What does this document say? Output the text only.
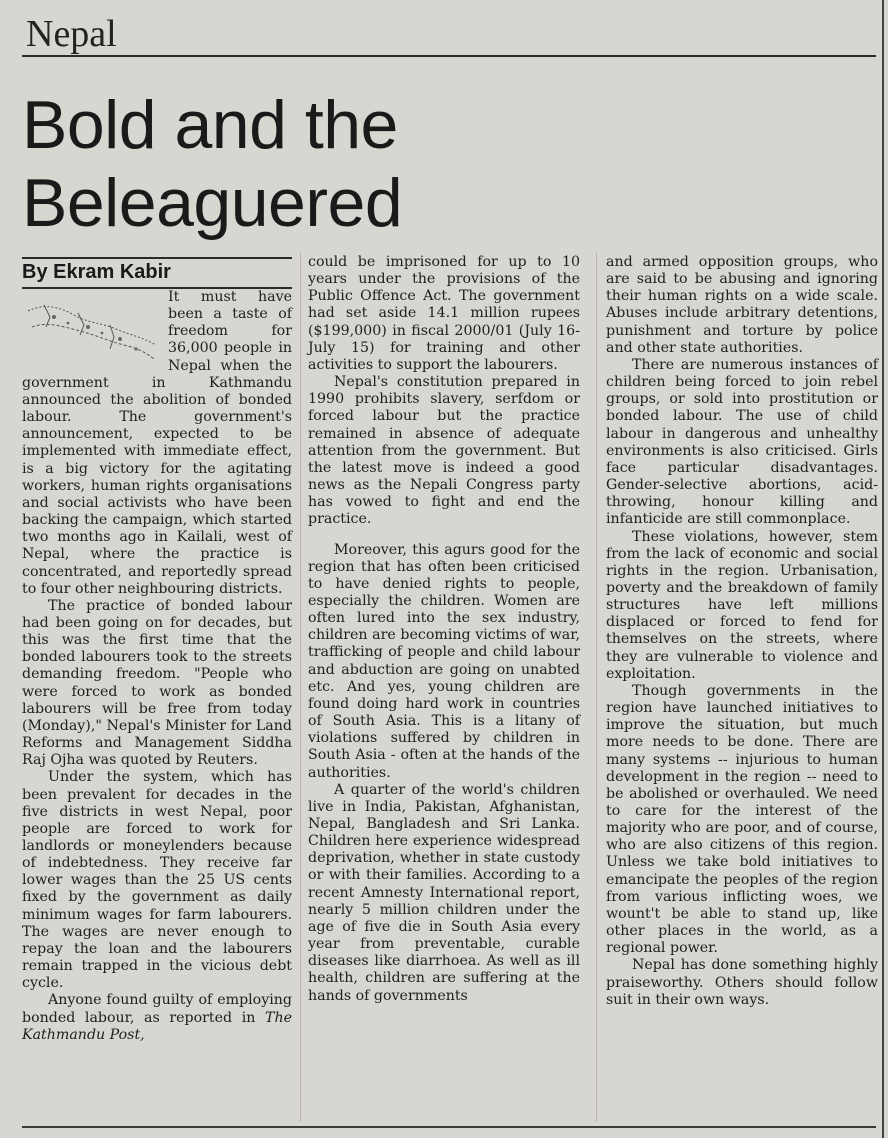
Nepal
Bold and the Beleaguered
By Ekram Kabir

It must have been a taste of freedom for 36,000 people in Nepal when the government in Kathmandu announced the abolition of bonded labour. The government's announcement, expected to be implemented with immediate effect, is a big victory for the agitating workers, human rights organisations and social activists who have been backing the campaign, which started two months ago in Kailali, west of Nepal, where the practice is concentrated, and reportedly spread to four other neighbouring districts.

The practice of bonded labour had been going on for decades, but this was the first time that the bonded labourers took to the streets demanding freedom. "People who were forced to work as bonded labourers will be free from today (Monday)," Nepal's Minister for Land Reforms and Management Siddha Raj Ojha was quoted by Reuters.

Under the system, which has been prevalent for decades in the five districts in west Nepal, poor people are forced to work for landlords or moneylenders because of indebtedness. They receive far lower wages than the 25 US cents fixed by the government as daily minimum wages for farm labourers. The wages are never enough to repay the loan and the labourers remain trapped in the vicious debt cycle.

Anyone found guilty of employing bonded labour, as reported in The Kathmandu Post,

could be imprisoned for up to 10 years under the provisions of the Public Offence Act. The government had set aside 14.1 million rupees ($199,000) in fiscal 2000/01 (July 16-July 15) for training and other activities to support the labourers.

Nepal's constitution prepared in 1990 prohibits slavery, serfdom or forced labour but the practice remained in absence of adequate attention from the government. But the latest move is indeed a good news as the Nepali Congress party has vowed to fight and end the practice.

Moreover, this agurs good for the region that has often been criticised to have denied rights to people, especially the children. Women are often lured into the sex industry, children are becoming victims of war, trafficking of people and child labour and abduction are going on unabted etc. And yes, young children are found doing hard work in countries of South Asia. This is a litany of violations suffered by children in South Asia - often at the hands of the authorities.

A quarter of the world's children live in India, Pakistan, Afghanistan, Nepal, Bangladesh and Sri Lanka. Children here experience widespread deprivation, whether in state custody or with their families. According to a recent Amnesty International report, nearly 5 million children under the age of five die in South Asia every year from preventable, curable diseases like diarrhoea. As well as ill health, children are suffering at the hands of governments

and armed opposition groups, who are said to be abusing and ignoring their human rights on a wide scale. Abuses include arbitrary detentions, punishment and torture by police and other state authorities.

There are numerous instances of children being forced to join rebel groups, or sold into prostitution or bonded labour. The use of child labour in dangerous and unhealthy environments is also criticised. Girls face particular disadvantages. Gender-selective abortions, acid-throwing, honour killing and infanticide are still commonplace.

These violations, however, stem from the lack of economic and social rights in the region. Urbanisation, poverty and the breakdown of family structures have left millions displaced or forced to fend for themselves on the streets, where they are vulnerable to violence and exploitation.

Though governments in the region have launched initiatives to improve the situation, but much more needs to be done. There are many systems -- injurious to human development in the region -- need to be abolished or overhauled. We need to care for the interest of the majority who are poor, and of course, who are also citizens of this region. Unless we take bold initiatives to emancipate the peoples of the region from various inflicting woes, we wount't be able to stand up, like other places in the world, as a regional power.

Nepal has done something highly praiseworthy. Others should follow suit in their own ways.
